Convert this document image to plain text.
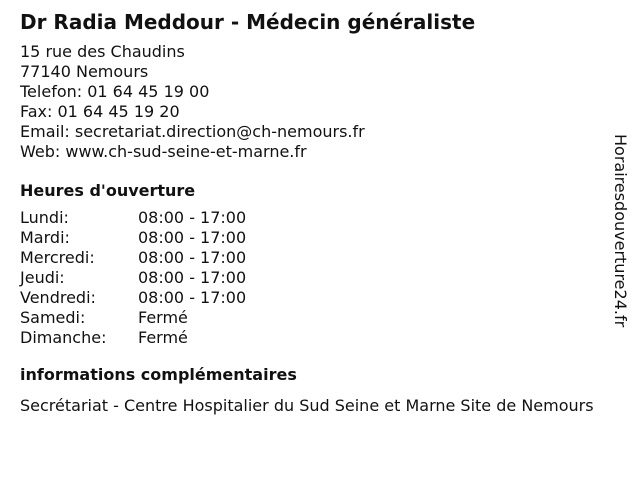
Dr Radia Meddour - Médecin généraliste
15 rue des Chaudins
77140 Nemours
Telefon: 01 64 45 19 00
Fax: 01 64 45 19 20
Email: secretariat.direction@ch-nemours.fr
Web: www.ch-sud-seine-et-marne.fr
Heures d'ouverture
Lundi:	08:00 - 17:00
Mardi:	08:00 - 17:00
Mercredi:	08:00 - 17:00
Jeudi:	08:00 - 17:00
Vendredi:	08:00 - 17:00
Samedi:	Fermé
Dimanche:	Fermé
informations complémentaires
Secrétariat - Centre Hospitalier du Sud Seine et Marne Site de Nemours
Horairesdouverture24.fr
